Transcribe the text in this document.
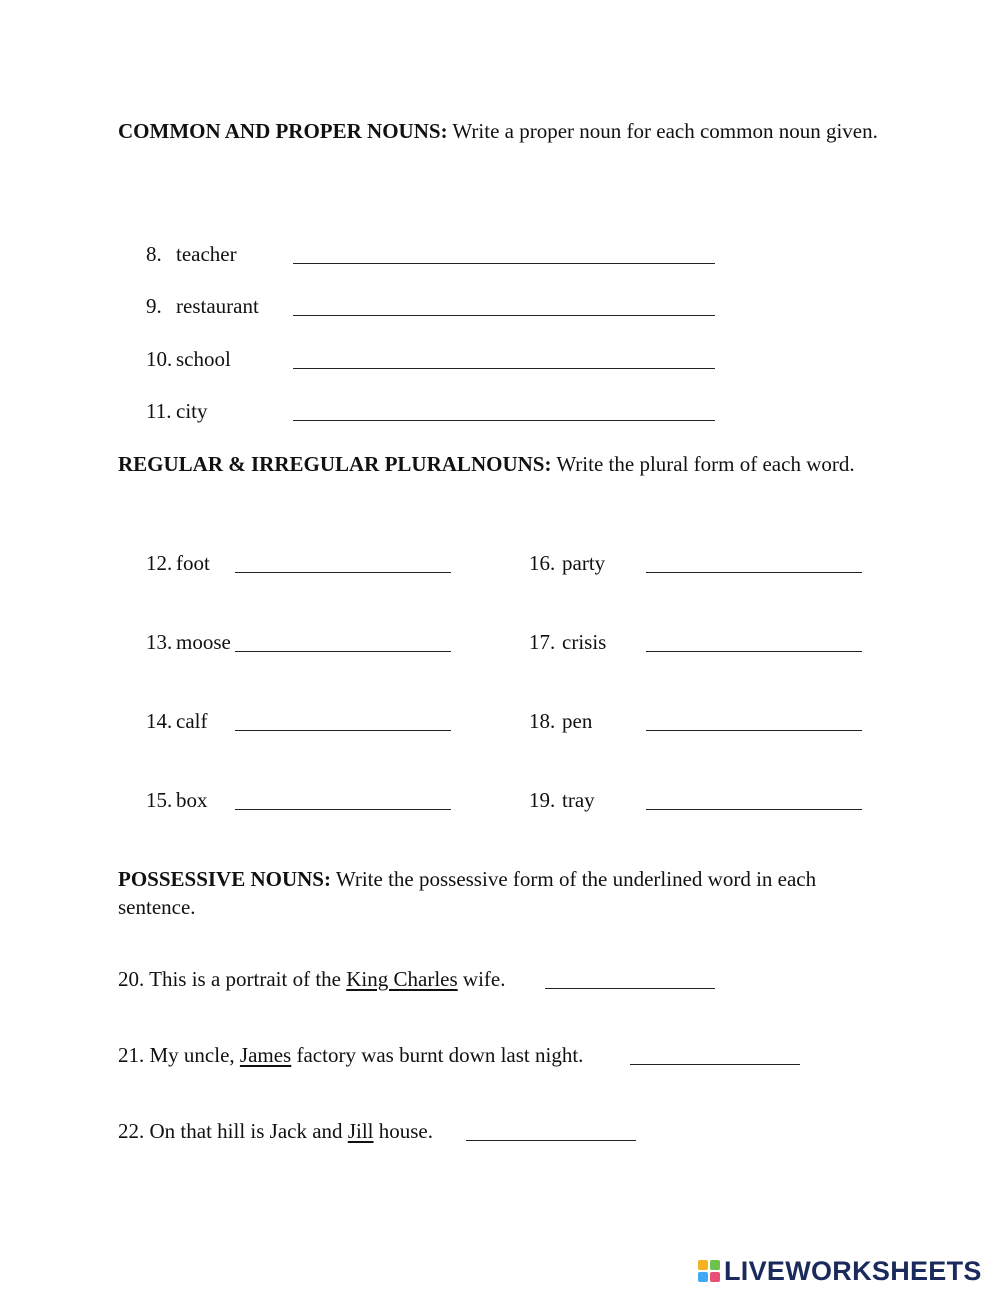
COMMON AND PROPER NOUNS: Write a proper noun for each common noun given.
8. teacher
9. restaurant
10. school
11. city
REGULAR & IRREGULAR PLURALNOUNS: Write the plural form of each word.
12. foot
13. moose
14. calf
15. box
16. party
17. crisis
18. pen
19. tray
POSSESSIVE NOUNS: Write the possessive form of the underlined word in each sentence.
20. This is a portrait of the King Charles wife.
21. My uncle, James factory was burnt down last night.
22. On that hill is Jack and Jill house.
LIVEWORKSHEETS
